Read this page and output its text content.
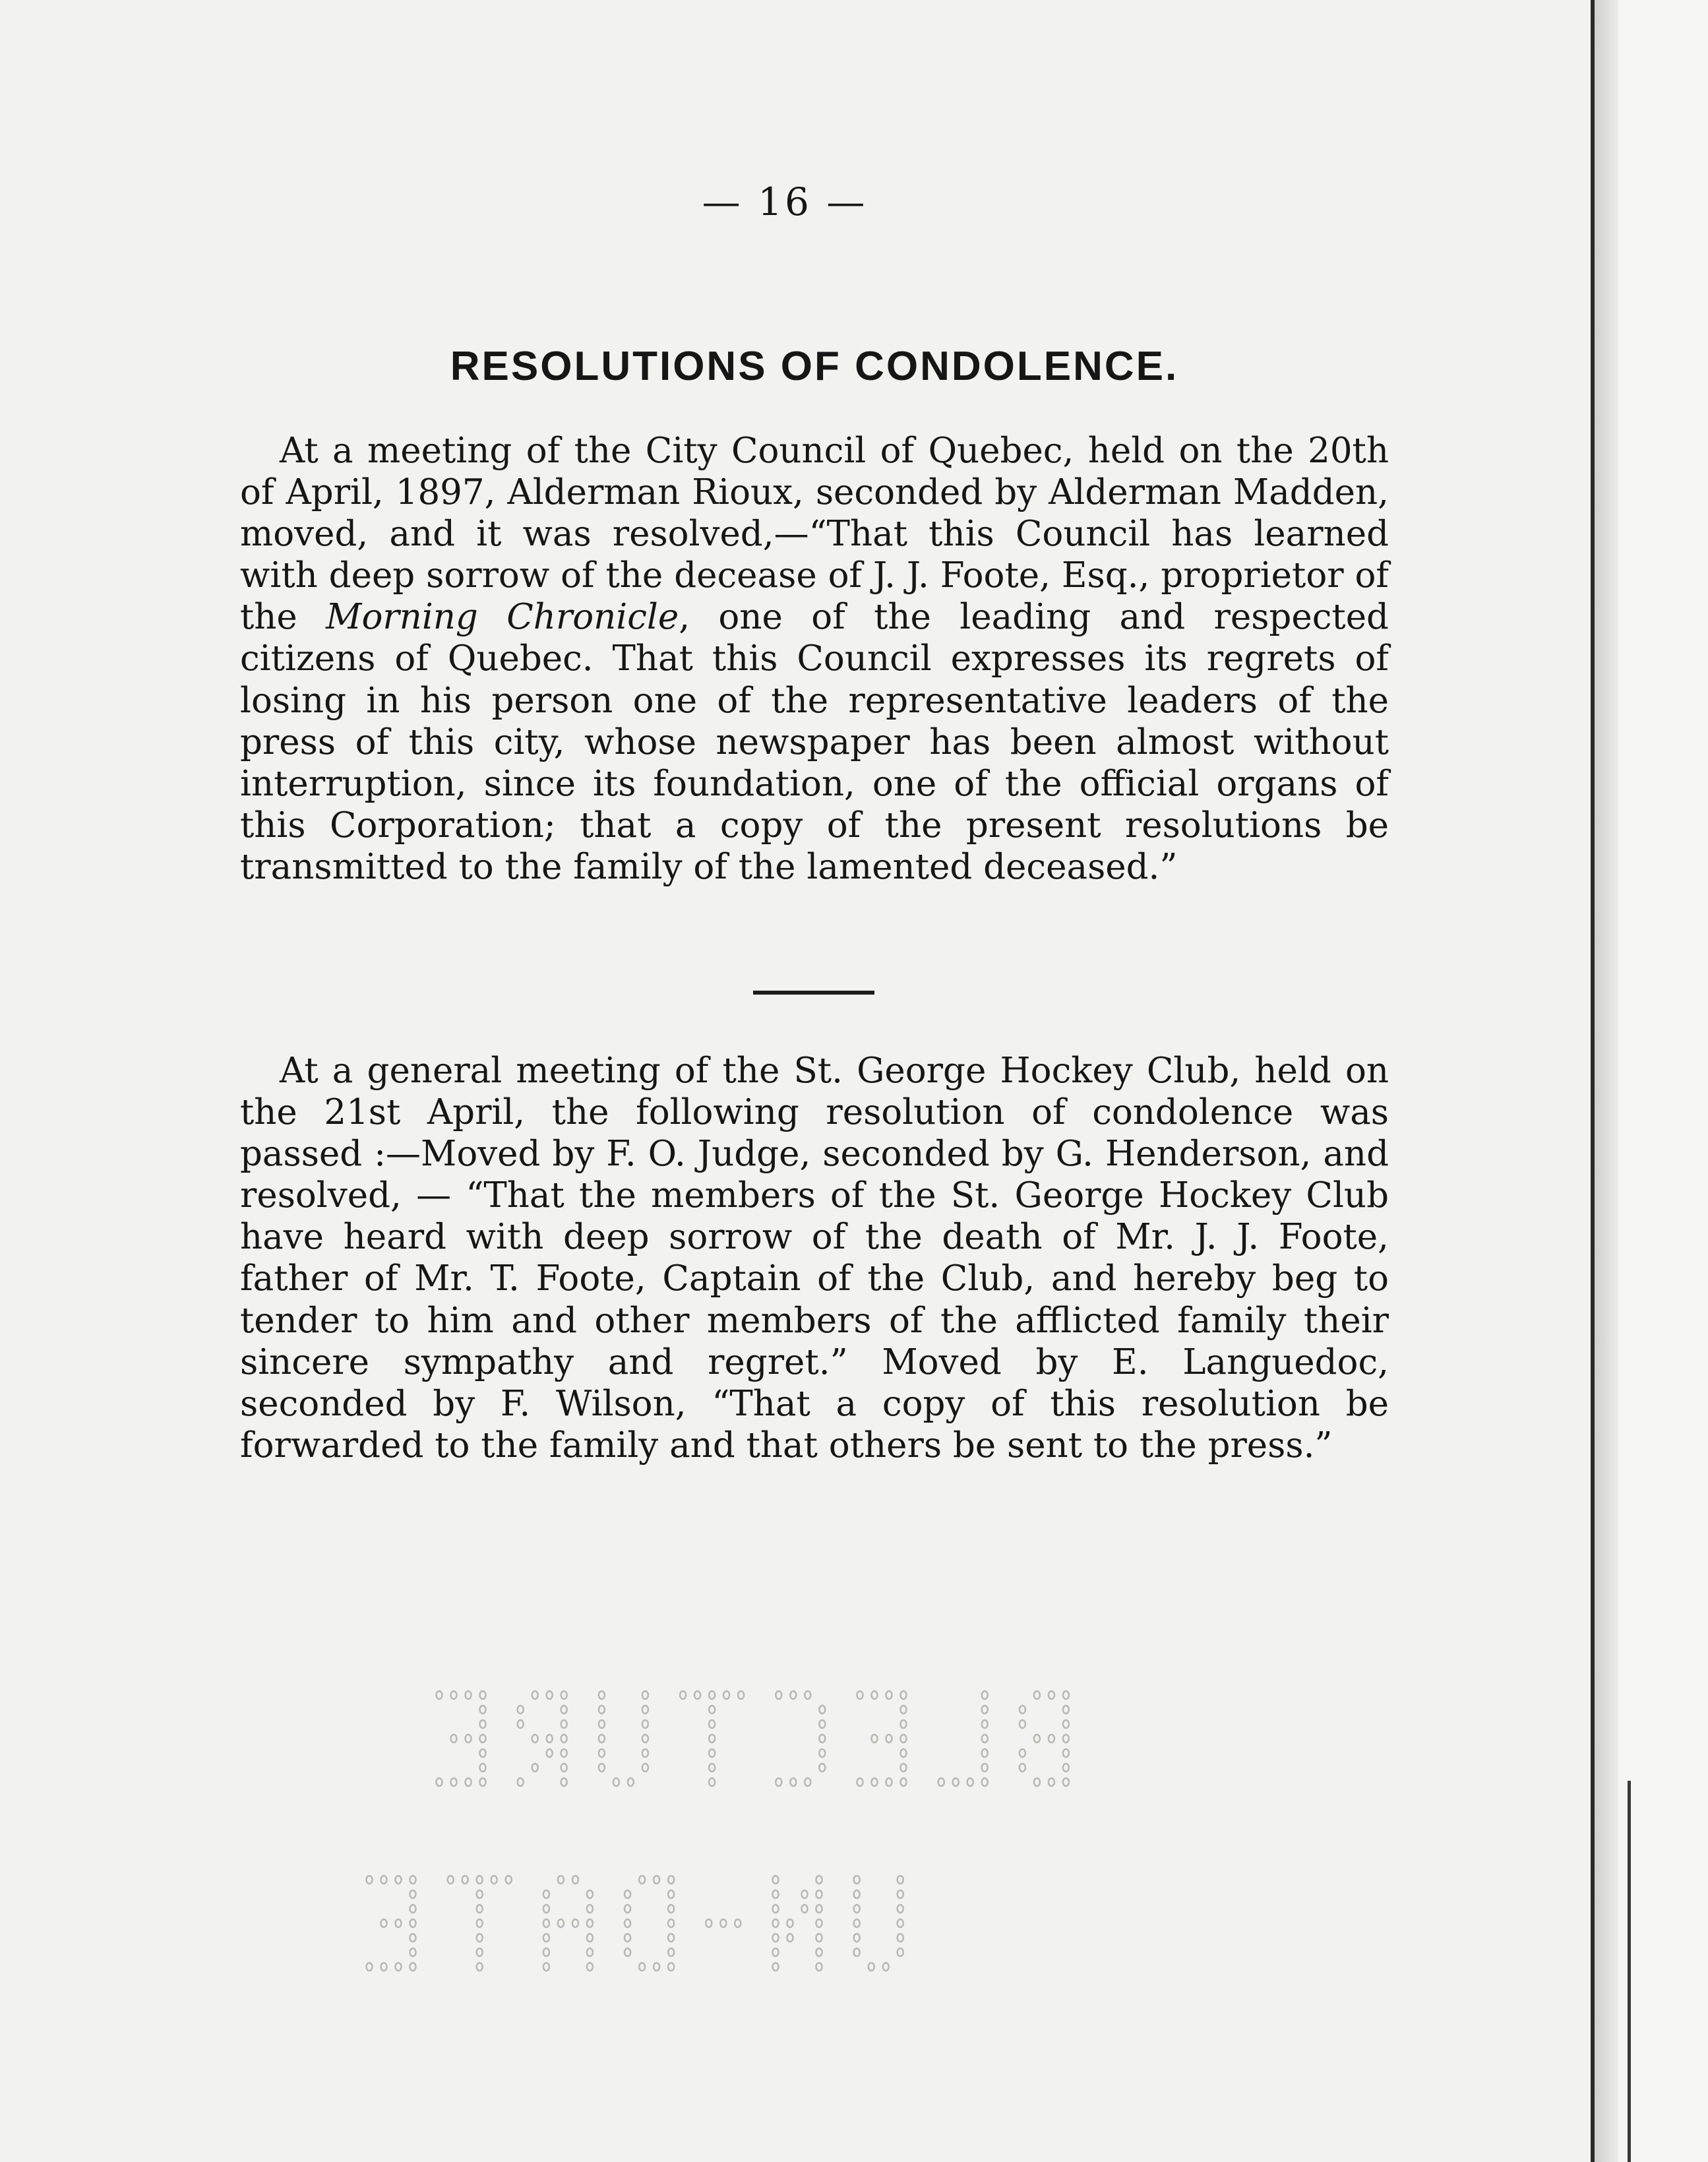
— 16 —
RESOLUTIONS OF CONDOLENCE.

At a meeting of the City Council of Quebec, held on the 20th of April, 1897, Alderman Rioux, seconded by Alderman Madden, moved, and it was resolved,—“That this Council has learned with deep sorrow of the decease of J. J. Foote, Esq., proprietor of the Morning Chronicle, one of the leading and respected citizens of Quebec. That this Council expresses its regrets of losing in his person one of the representative leaders of the press of this city, whose newspaper has been almost without interruption, since its foundation, one of the official organs of this Corporation; that a copy of the present resolutions be transmitted to the family of the lamented deceased.”

At a general meeting of the St. George Hockey Club, held on the 21st April, the following resolution of condolence was passed :—Moved by F. O. Judge, seconded by G. Henderson, and resolved, — “That the members of the St. George Hockey Club have heard with deep sorrow of the death of Mr. J. J. Foote, father of Mr. T. Foote, Captain of the Club, and hereby beg to tender to him and other members of the afflicted family their sincere sympathy and regret.” Moved by E. Languedoc, seconded by F. Wilson, “That a copy of this resolution be forwarded to the family and that others be sent to the press.”
